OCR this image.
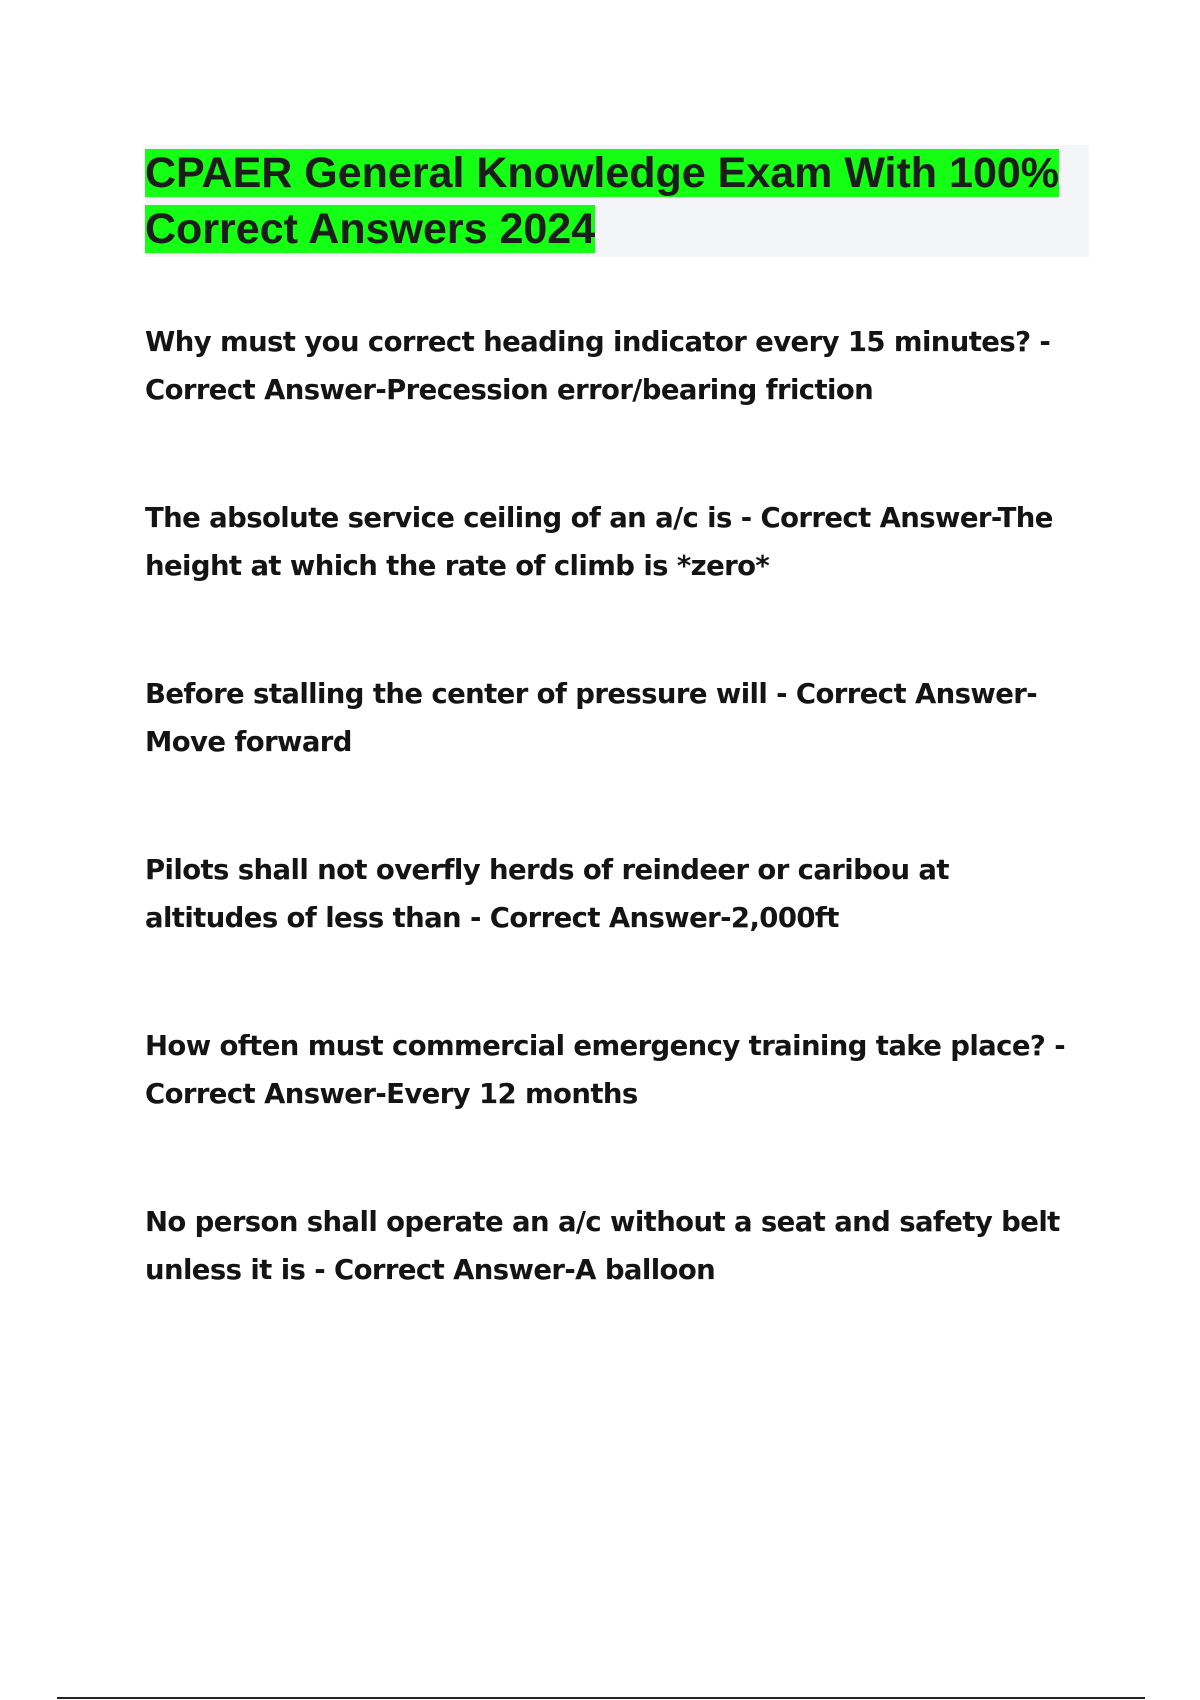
CPAER General Knowledge Exam With 100% Correct Answers 2024

Why must you correct heading indicator every 15 minutes? - Correct Answer-Precession error/bearing friction

The absolute service ceiling of an a/c is - Correct Answer-The height at which the rate of climb is *zero*

Before stalling the center of pressure will - Correct Answer-Move forward

Pilots shall not overfly herds of reindeer or caribou at altitudes of less than - Correct Answer-2,000ft

How often must commercial emergency training take place? - Correct Answer-Every 12 months

No person shall operate an a/c without a seat and safety belt unless it is - Correct Answer-A balloon
